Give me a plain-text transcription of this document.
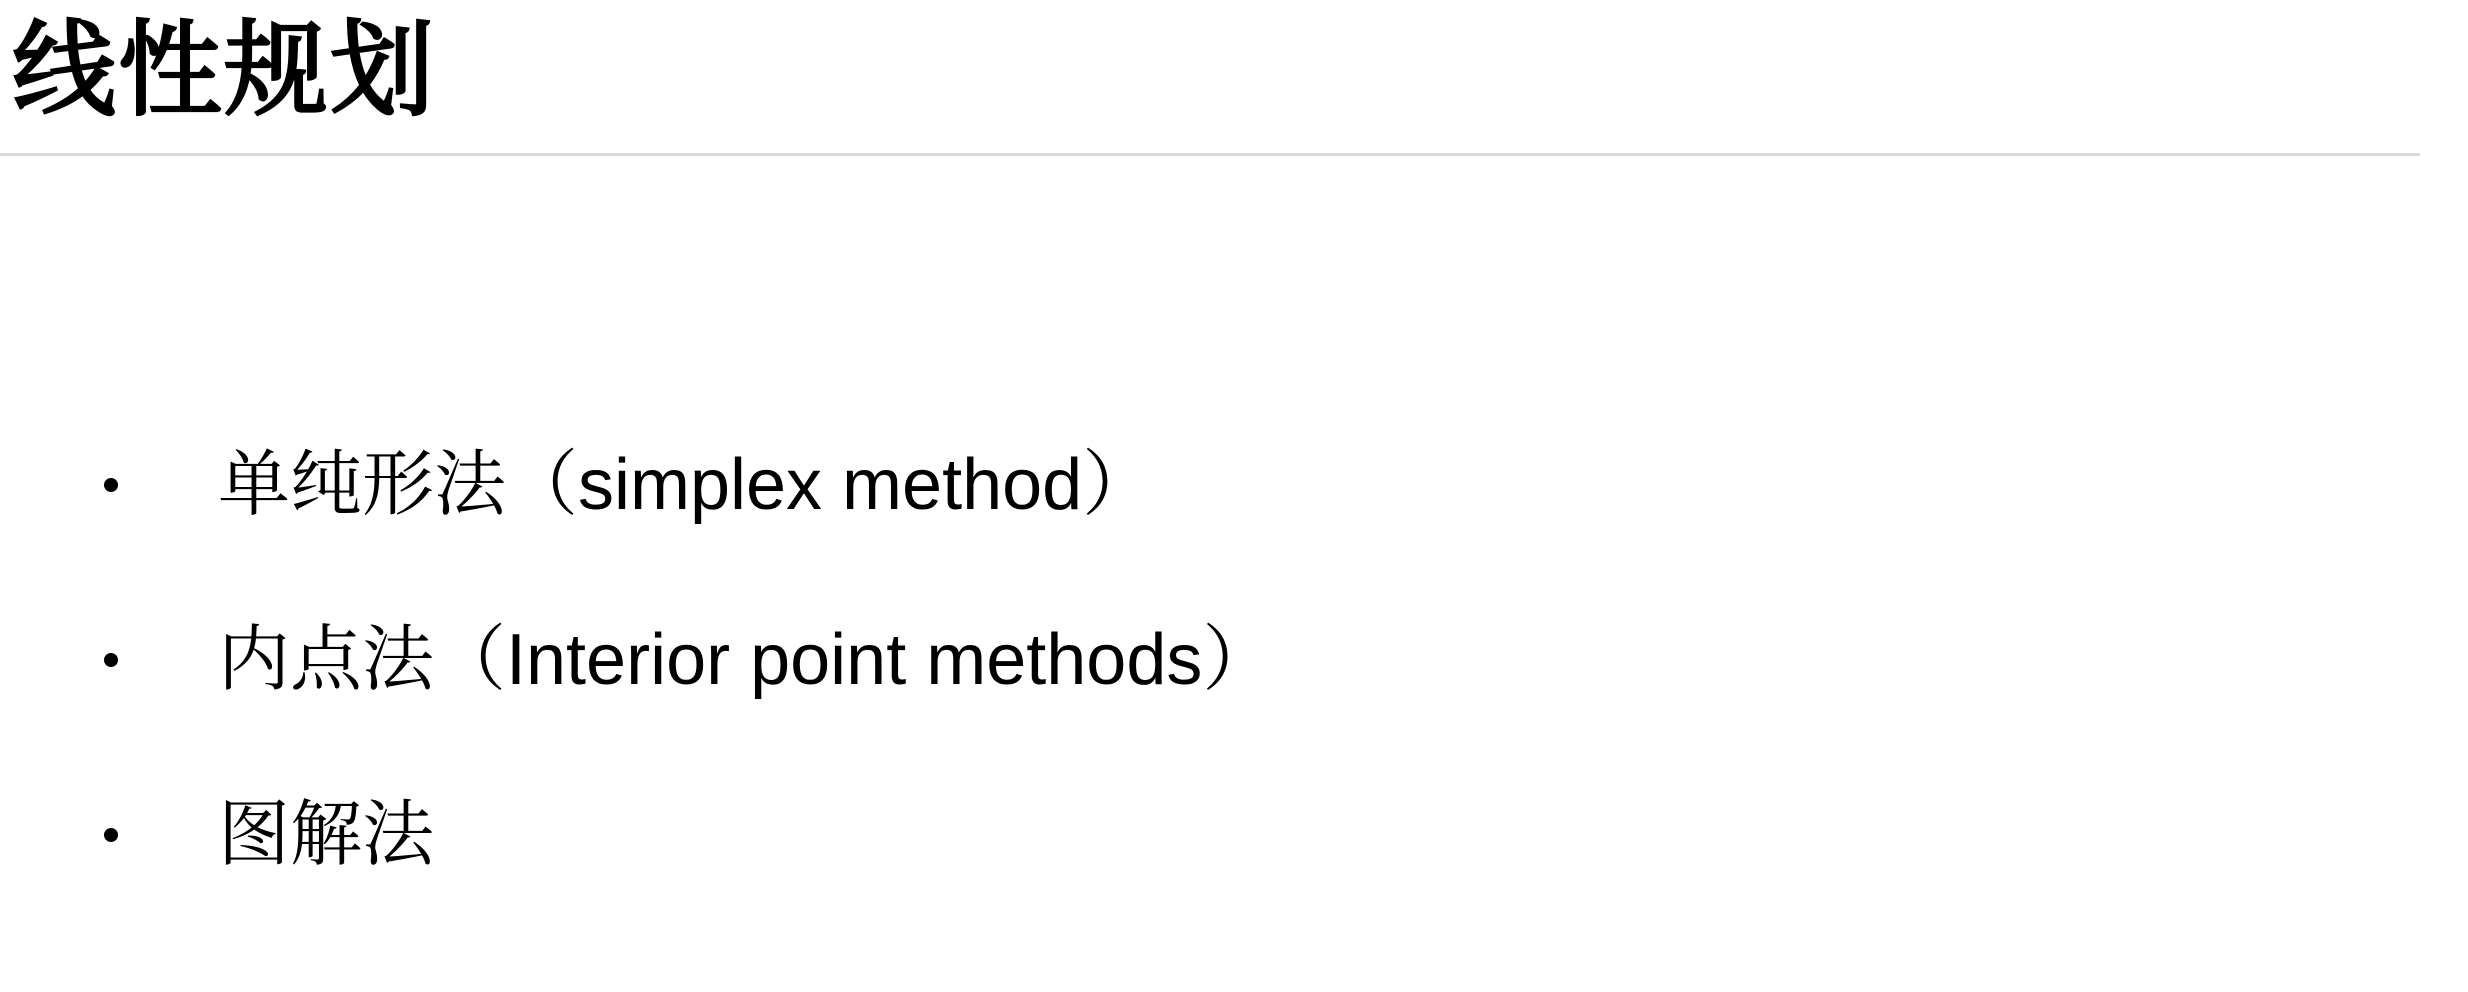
线性规划
单纯形法（simplex method）
内点法（Interior point methods）
图解法
